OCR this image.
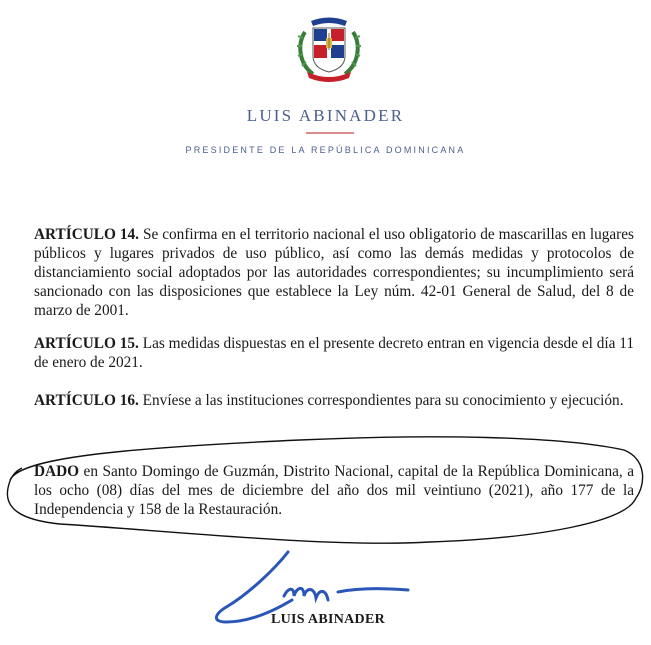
LUIS ABINADER
PRESIDENTE DE LA REPÚBLICA DOMINICANA
ARTÍCULO 14. Se confirma en el territorio nacional el uso obligatorio de mascarillas en lugares públicos y lugares privados de uso público, así como las demás medidas y protocolos de distanciamiento social adoptados por las autoridades correspondientes; su incumplimiento será sancionado con las disposiciones que establece la Ley núm. 42-01 General de Salud, del 8 de marzo de 2001.
ARTÍCULO 15. Las medidas dispuestas en el presente decreto entran en vigencia desde el día 11 de enero de 2021.
ARTÍCULO 16. Envíese a las instituciones correspondientes para su conocimiento y ejecución.
DADO en Santo Domingo de Guzmán, Distrito Nacional, capital de la República Dominicana, a los ocho (08) días del mes de diciembre del año dos mil veintiuno (2021), año 177 de la Independencia y 158 de la Restauración.
LUIS ABINADER
